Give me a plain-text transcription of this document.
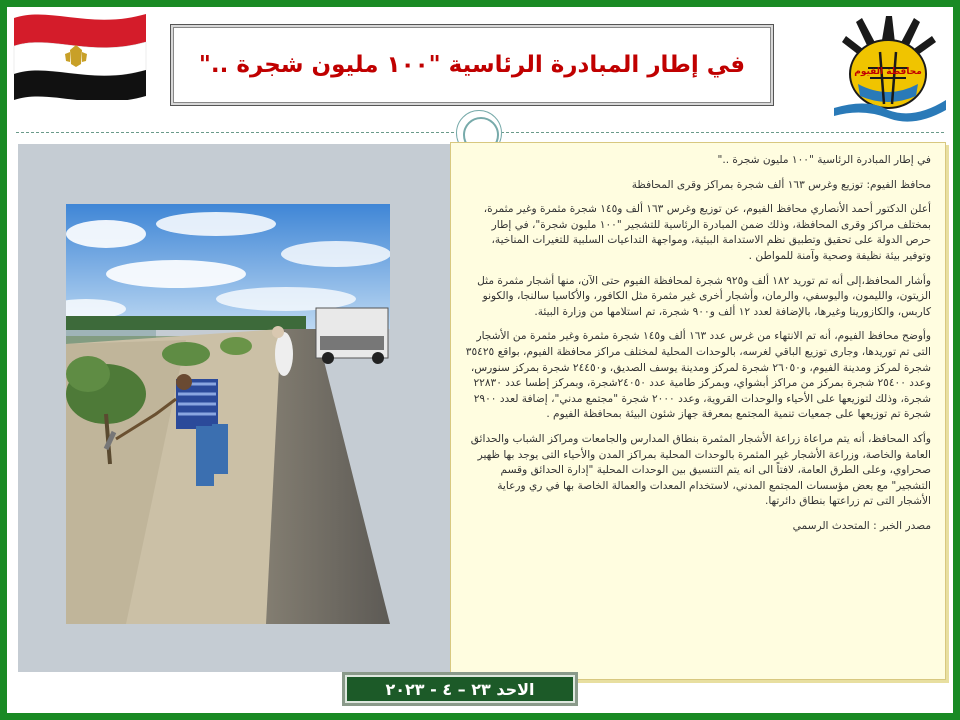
في إطار المبادرة الرئاسية "١٠٠ مليون شجرة .."	محافظة الفيوم

في إطار المبادرة الرئاسية "١٠٠ مليون شجرة .."

محافظ الفيوم: توزيع وغرس ١٦٣ ألف شجرة بمراكز وقرى المحافظة

أعلن الدكتور أحمد الأنصاري محافظ الفيوم، عن توزيع وغرس ١٦٣ ألف و١٤٥ شجرة مثمرة وغير مثمرة، بمختلف مراكز وقرى المحافظة، وذلك ضمن المبادرة الرئاسية للتشجير "١٠٠ مليون شجرة"، في إطار حرص الدولة على تحقيق وتطبيق نظم الاستدامة البيئية، ومواجهة التداعيات السلبية للتغيرات المناخية، وتوفير بيئة نظيفة وصحية وآمنة للمواطن .

وأشار المحافظ،إلى أنه تم توريد ١٨٢ ألف و٩٢٥ شجرة لمحافظة الفيوم حتى الآن، منها أشجار مثمرة مثل الزيتون، والليمون، واليوسفي، والرمان، وأشجار أخرى غير مثمرة مثل الكافور، والأكاسيا سالنجا، والكونو كاربس، والكازورينا وغيرها، بالإضافة لعدد ١٢ ألف و٩٠٠ شجرة، تم استلامها من وزارة البيئة.

وأوضح محافظ الفيوم، أنه تم الانتهاء من غرس عدد ١٦٣ ألف و١٤٥ شجرة مثمرة وغير مثمرة من الأشجار التى تم توريدها، وجارى توزيع الباقي لغرسه، بالوحدات المحلية لمختلف مراكز محافظة الفيوم، بواقع ٣٥٤٢٥ شجرة لمركز ومدينة الفيوم، و٢٦٠٥٠ شجرة لمركز ومدينة يوسف الصديق، و٢٤٤٥٠ شجرة بمركز سنورس، وعدد ٢٥٤٠٠ شجرة بمركز من مراكز أبشواي، وبمركز طامية عدد ٢٤٠٥٠شجرة، وبمركز إطسا عدد ٢٢٨٣٠ شجرة، وذلك لتوزيعها على الأحياء والوحدات القروية، وعدد ٢٠٠٠ شجرة "مجتمع مدني"، إضافة لعدد ٢٩٠٠ شجرة تم توزيعها على جمعيات تنمية المجتمع بمعرفة جهاز شئون البيئة بمحافظة الفيوم .

وأكد المحافظ، أنه يتم مراعاة زراعة الأشجار المثمرة بنطاق المدارس والجامعات ومراكز الشباب والحدائق العامة والخاصة، وزراعة الأشجار غير المثمرة بالوحدات المحلية بمراكز المدن والأحياء التى يوجد بها ظهير صحراوي، وعلى الطرق العامة، لافتاً الى انه يتم التنسيق بين الوحدات المحلية "إدارة الحدائق وقسم التشجير" مع بعض مؤسسات المجتمع المدني، لاستخدام المعدات والعمالة الخاصة بها في ري ورعاية الأشجار التى تم زراعتها بنطاق دائرتها.

مصدر الخبر : المتحدث الرسمي

الاحد ٢٣ – ٤ - ٢٠٢٣
